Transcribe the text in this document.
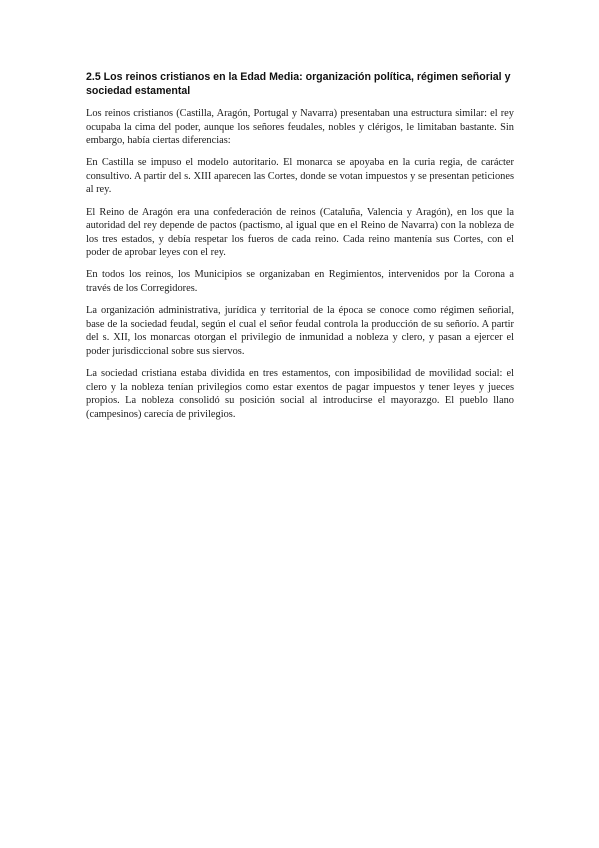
2.5 Los reinos cristianos en la Edad Media: organización política, régimen señorial y sociedad estamental

Los reinos cristianos (Castilla, Aragón, Portugal y Navarra) presentaban una estructura similar: el rey ocupaba la cima del poder, aunque los señores feudales, nobles y clérigos, le limitaban bastante. Sin embargo, había ciertas diferencias:

En Castilla se impuso el modelo autoritario. El monarca se apoyaba en la curia regia, de carácter consultivo. A partir del s. XIII aparecen las Cortes, donde se votan impuestos y se presentan peticiones al rey.

El Reino de Aragón era una confederación de reinos (Cataluña, Valencia y Aragón), en los que la autoridad del rey depende de pactos (pactismo, al igual que en el Reino de Navarra) con la nobleza de los tres estados, y debía respetar los fueros de cada reino. Cada reino mantenía sus Cortes, con el poder de aprobar leyes con el rey.

En todos los reinos, los Municipios se organizaban en Regimientos, intervenidos por la Corona a través de los Corregidores.

La organización administrativa, jurídica y territorial de la época se conoce como régimen señorial, base de la sociedad feudal, según el cual el señor feudal controla la producción de su señorío. A partir del s. XII, los monarcas otorgan el privilegio de inmunidad a nobleza y clero, y pasan a ejercer el poder jurisdiccional sobre sus siervos.

La sociedad cristiana estaba dividida en tres estamentos, con imposibilidad de movilidad social: el clero y la nobleza tenían privilegios como estar exentos de pagar impuestos y tener leyes y jueces propios. La nobleza consolidó su posición social al introducirse el mayorazgo. El pueblo llano (campesinos) carecía de privilegios.
